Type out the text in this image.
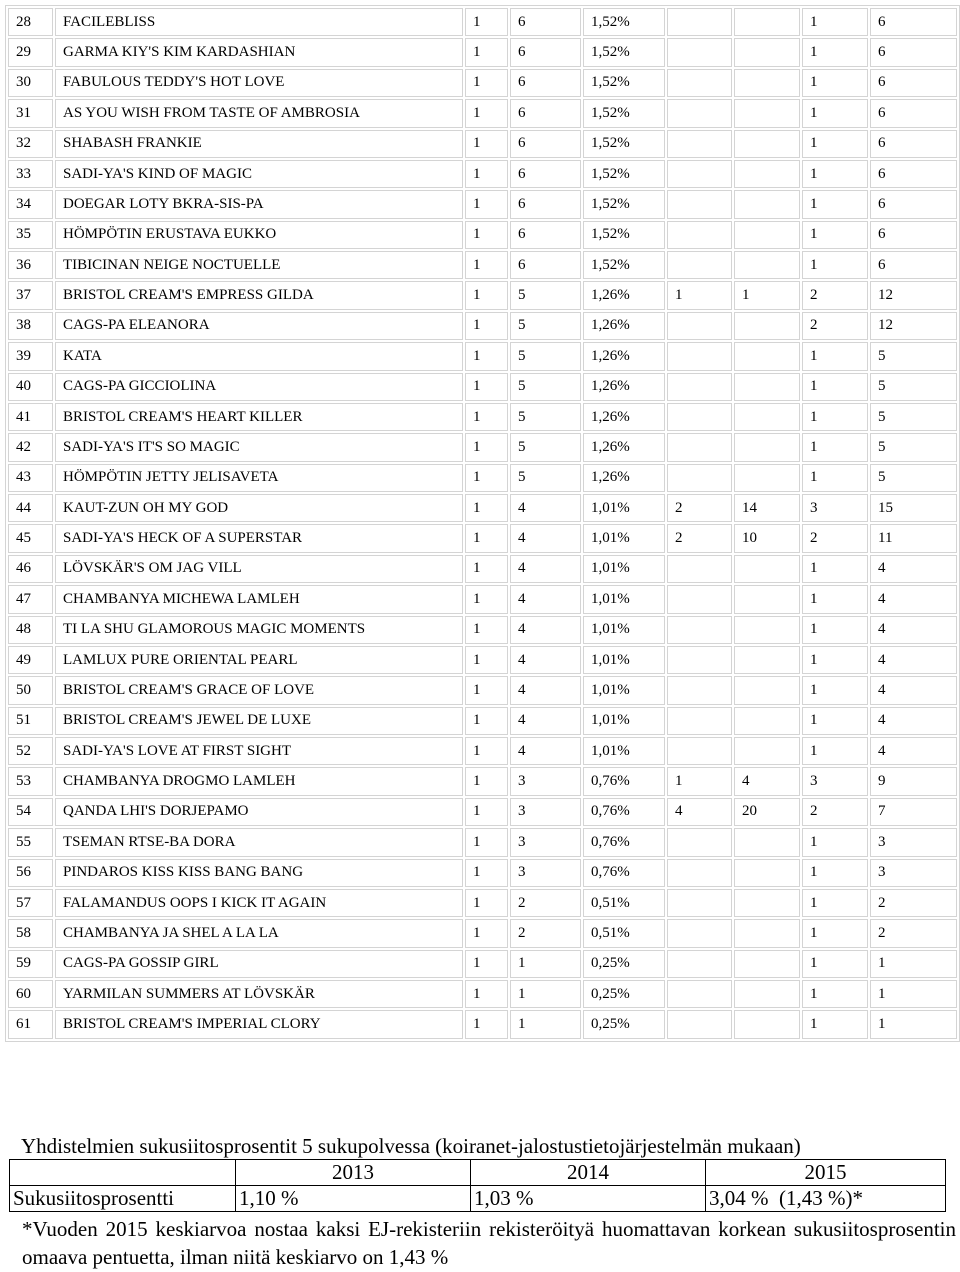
28	FACILEBLISS	1	6	1,52%			1	6
29	GARMA KIY'S KIM KARDASHIAN	1	6	1,52%			1	6
30	FABULOUS TEDDY'S HOT LOVE	1	6	1,52%			1	6
31	AS YOU WISH FROM TASTE OF AMBROSIA	1	6	1,52%			1	6
32	SHABASH FRANKIE	1	6	1,52%			1	6
33	SADI-YA'S KIND OF MAGIC	1	6	1,52%			1	6
34	DOEGAR LOTY BKRA-SIS-PA	1	6	1,52%			1	6
35	HÖMPÖTIN ERUSTAVA EUKKO	1	6	1,52%			1	6
36	TIBICINAN NEIGE NOCTUELLE	1	6	1,52%			1	6
37	BRISTOL CREAM'S EMPRESS GILDA	1	5	1,26%	1	1	2	12
38	CAGS-PA ELEANORA	1	5	1,26%			2	12
39	KATA	1	5	1,26%			1	5
40	CAGS-PA GICCIOLINA	1	5	1,26%			1	5
41	BRISTOL CREAM'S HEART KILLER	1	5	1,26%			1	5
42	SADI-YA'S IT'S SO MAGIC	1	5	1,26%			1	5
43	HÖMPÖTIN JETTY JELISAVETA	1	5	1,26%			1	5
44	KAUT-ZUN OH MY GOD	1	4	1,01%	2	14	3	15
45	SADI-YA'S HECK OF A SUPERSTAR	1	4	1,01%	2	10	2	11
46	LÖVSKÄR'S OM JAG VILL	1	4	1,01%			1	4
47	CHAMBANYA MICHEWA LAMLEH	1	4	1,01%			1	4
48	TI LA SHU GLAMOROUS MAGIC MOMENTS	1	4	1,01%			1	4
49	LAMLUX PURE ORIENTAL PEARL	1	4	1,01%			1	4
50	BRISTOL CREAM'S GRACE OF LOVE	1	4	1,01%			1	4
51	BRISTOL CREAM'S JEWEL DE LUXE	1	4	1,01%			1	4
52	SADI-YA'S LOVE AT FIRST SIGHT	1	4	1,01%			1	4
53	CHAMBANYA DROGMO LAMLEH	1	3	0,76%	1	4	3	9
54	QANDA LHI'S DORJEPAMO	1	3	0,76%	4	20	2	7
55	TSEMAN RTSE-BA DORA	1	3	0,76%			1	3
56	PINDAROS KISS KISS BANG BANG	1	3	0,76%			1	3
57	FALAMANDUS OOPS I KICK IT AGAIN	1	2	0,51%			1	2
58	CHAMBANYA JA SHEL A LA LA	1	2	0,51%			1	2
59	CAGS-PA GOSSIP GIRL	1	1	0,25%			1	1
60	YARMILAN SUMMERS AT LÖVSKÄR	1	1	0,25%			1	1
61	BRISTOL CREAM'S IMPERIAL CLORY	1	1	0,25%			1	1
Yhdistelmien sukusiitosprosentit 5 sukupolvessa (koiranet-jalostustietojärjestelmän mukaan)
	2013	2014	2015
Sukusiitosprosentti	1,10 %	1,03 %	3,04 %  (1,43 %)*
*Vuoden 2015 keskiarvoa nostaa kaksi EJ-rekisteriin rekisteröityä huomattavan korkean sukusiitosprosentin omaava pentuetta, ilman niitä keskiarvo on 1,43 %
